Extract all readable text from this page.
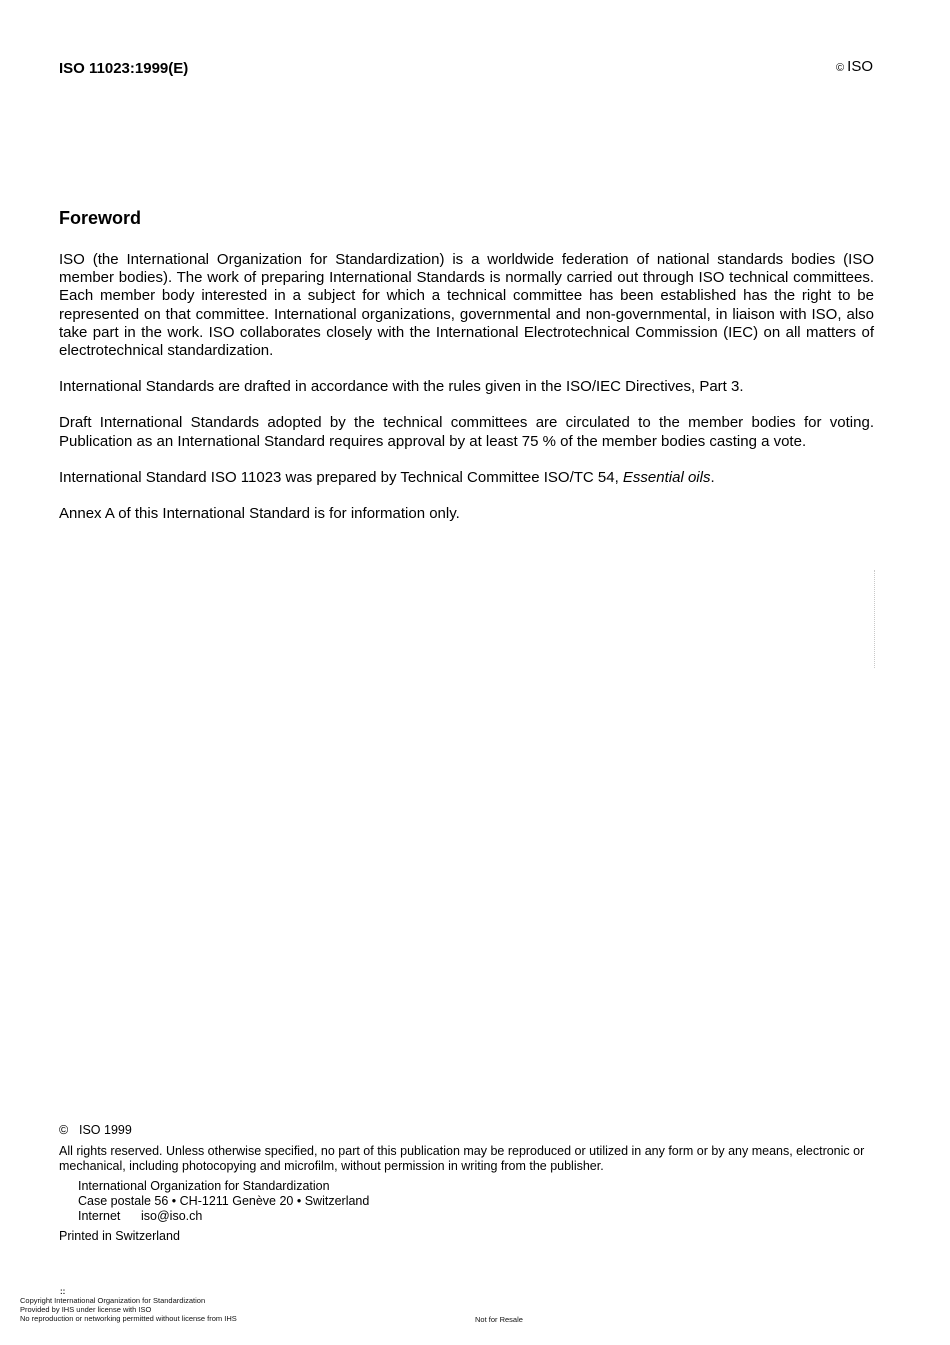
ISO 11023:1999(E)	© ISO
Foreword

ISO (the International Organization for Standardization) is a worldwide federation of national standards bodies (ISO member bodies). The work of preparing International Standards is normally carried out through ISO technical committees. Each member body interested in a subject for which a technical committee has been established has the right to be represented on that committee. International organizations, governmental and non-governmental, in liaison with ISO, also take part in the work. ISO collaborates closely with the International Electrotechnical Commission (IEC) on all matters of electrotechnical standardization.

International Standards are drafted in accordance with the rules given in the ISO/IEC Directives, Part 3.

Draft International Standards adopted by the technical committees are circulated to the member bodies for voting. Publication as an International Standard requires approval by at least 75 % of the member bodies casting a vote.

International Standard ISO 11023 was prepared by Technical Committee ISO/TC 54, Essential oils.

Annex A of this International Standard is for information only.

© ISO 1999

All rights reserved. Unless otherwise specified, no part of this publication may be reproduced or utilized in any form or by any means, electronic or mechanical, including photocopying and microfilm, without permission in writing from the publisher.

International Organization for Standardization

Case postale 56 • CH-1211 Genève 20 • Switzerland

Internet iso@iso.ch

Printed in Switzerland

::

Copyright International Organization for Standardization

Provided by IHS under license with ISO

No reproduction or networking permitted without license from IHS	Not for Resale
